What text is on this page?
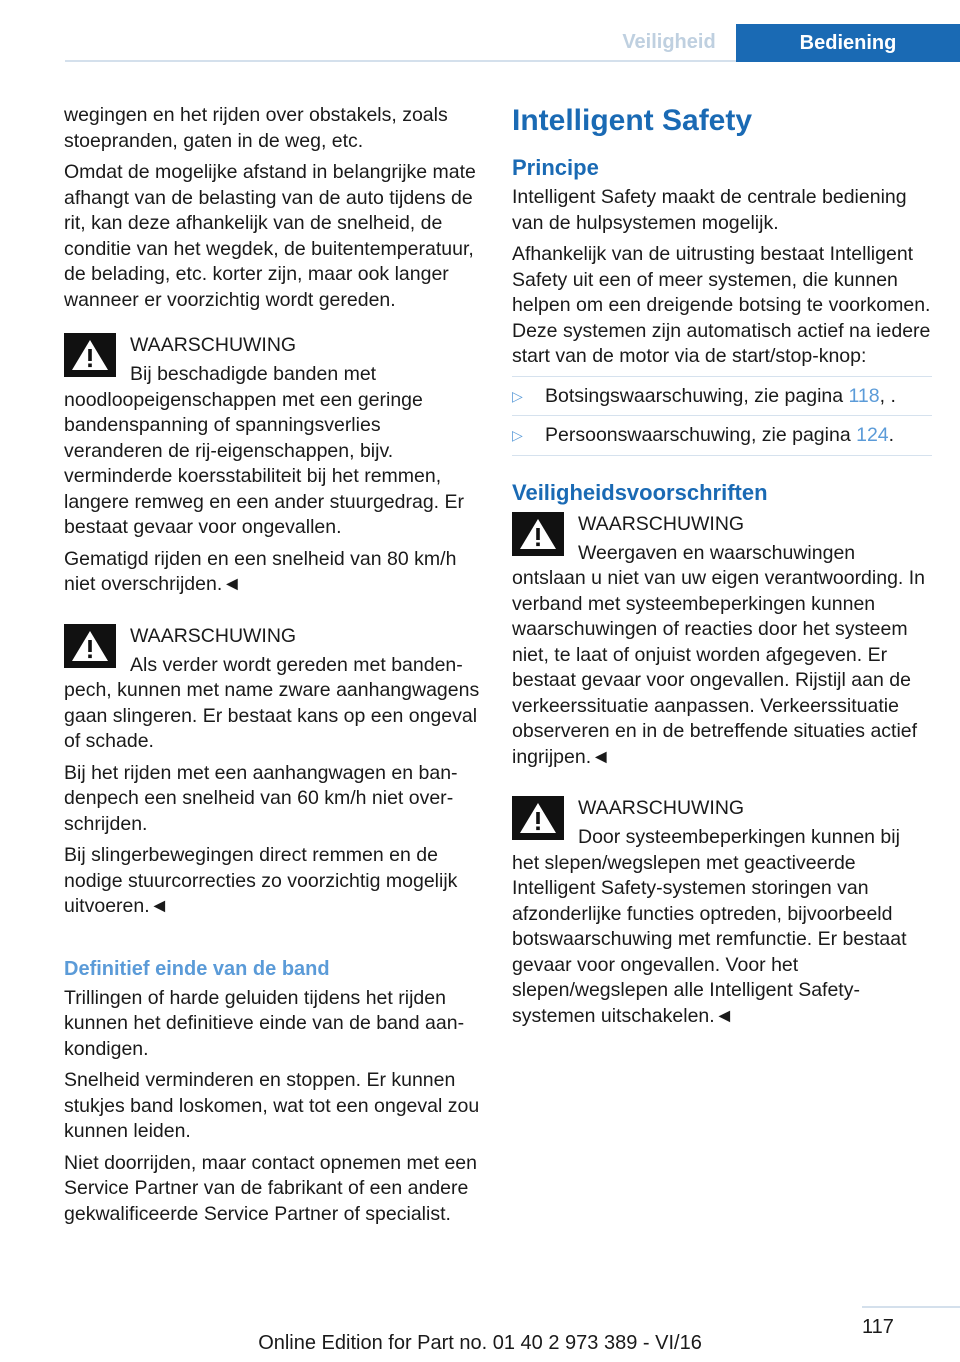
Veiligheid	Bediening

wegingen en het rijden over obstakels, zoals stoepranden, gaten in de weg, etc.

Omdat de mogelijke afstand in belangrijke mate afhangt van de belasting van de auto tijdens de rit, kan deze afhankelijk van de snelheid, de conditie van het wegdek, de buitentemperatuur, de belading, etc. korter zijn, maar ook langer wanneer er voorzichtig wordt gereden.

WAARSCHUWING

Bij beschadigde banden met noodloopeigenschappen met een geringe bandenspanning of spanningsverlies veranderen de rij-eigenschappen, bijv. verminderde koersstabiliteit bij het remmen, langere remweg en een ander stuurgedrag. Er bestaat gevaar voor ongevallen.

Gematigd rijden en een snelheid van 80 km/h niet overschrijden.◄

WAARSCHUWING

Als verder wordt gereden met bandenpech, kunnen met name zware aanhangwagens gaan slingeren. Er bestaat kans op een ongeval of schade.

Bij het rijden met een aanhangwagen en bandenpech een snelheid van 60 km/h niet overschrijden.

Bij slingerbewegingen direct remmen en de nodige stuurcorrecties zo voorzichtig mogelijk uitvoeren.◄

Definitief einde van de band

Trillingen of harde geluiden tijdens het rijden kunnen het definitieve einde van de band aankondigen.

Snelheid verminderen en stoppen. Er kunnen stukjes band loskomen, wat tot een ongeval zou kunnen leiden.

Niet doorrijden, maar contact opnemen met een Service Partner van de fabrikant of een andere gekwalificeerde Service Partner of specialist.

Intelligent Safety
Principe

Intelligent Safety maakt de centrale bediening van de hulpsystemen mogelijk.

Afhankelijk van de uitrusting bestaat Intelligent Safety uit een of meer systemen, die kunnen helpen om een dreigende botsing te voorkomen. Deze systemen zijn automatisch actief na iedere start van de motor via de start/stop-knop:

▷	Botsingswaarschuwing, zie pagina 118, .
▷	Persoonswaarschuwing, zie pagina 124.
Veiligheidsvoorschriften
WAARSCHUWING

Weergaven en waarschuwingen ontslaan u niet van uw eigen verantwoording. In verband met systeembeperkingen kunnen waarschuwingen of reacties door het systeem niet, te laat of onjuist worden afgegeven. Er bestaat gevaar voor ongevallen. Rijstijl aan de verkeerssituatie aanpassen. Verkeerssituatie observeren en in de betreffende situaties actief ingrijpen.◄

WAARSCHUWING

Door systeembeperkingen kunnen bij het slepen/wegslepen met geactiveerde Intelligent Safety-systemen storingen van afzonderlijke functies optreden, bijvoorbeeld botswaarschuwing met remfunctie. Er bestaat gevaar voor ongevallen. Voor het slepen/wegslepen alle Intelligent Safety-systemen uitschakelen.◄

117
Online Edition for Part no. 01 40 2 973 389 - VI/16
